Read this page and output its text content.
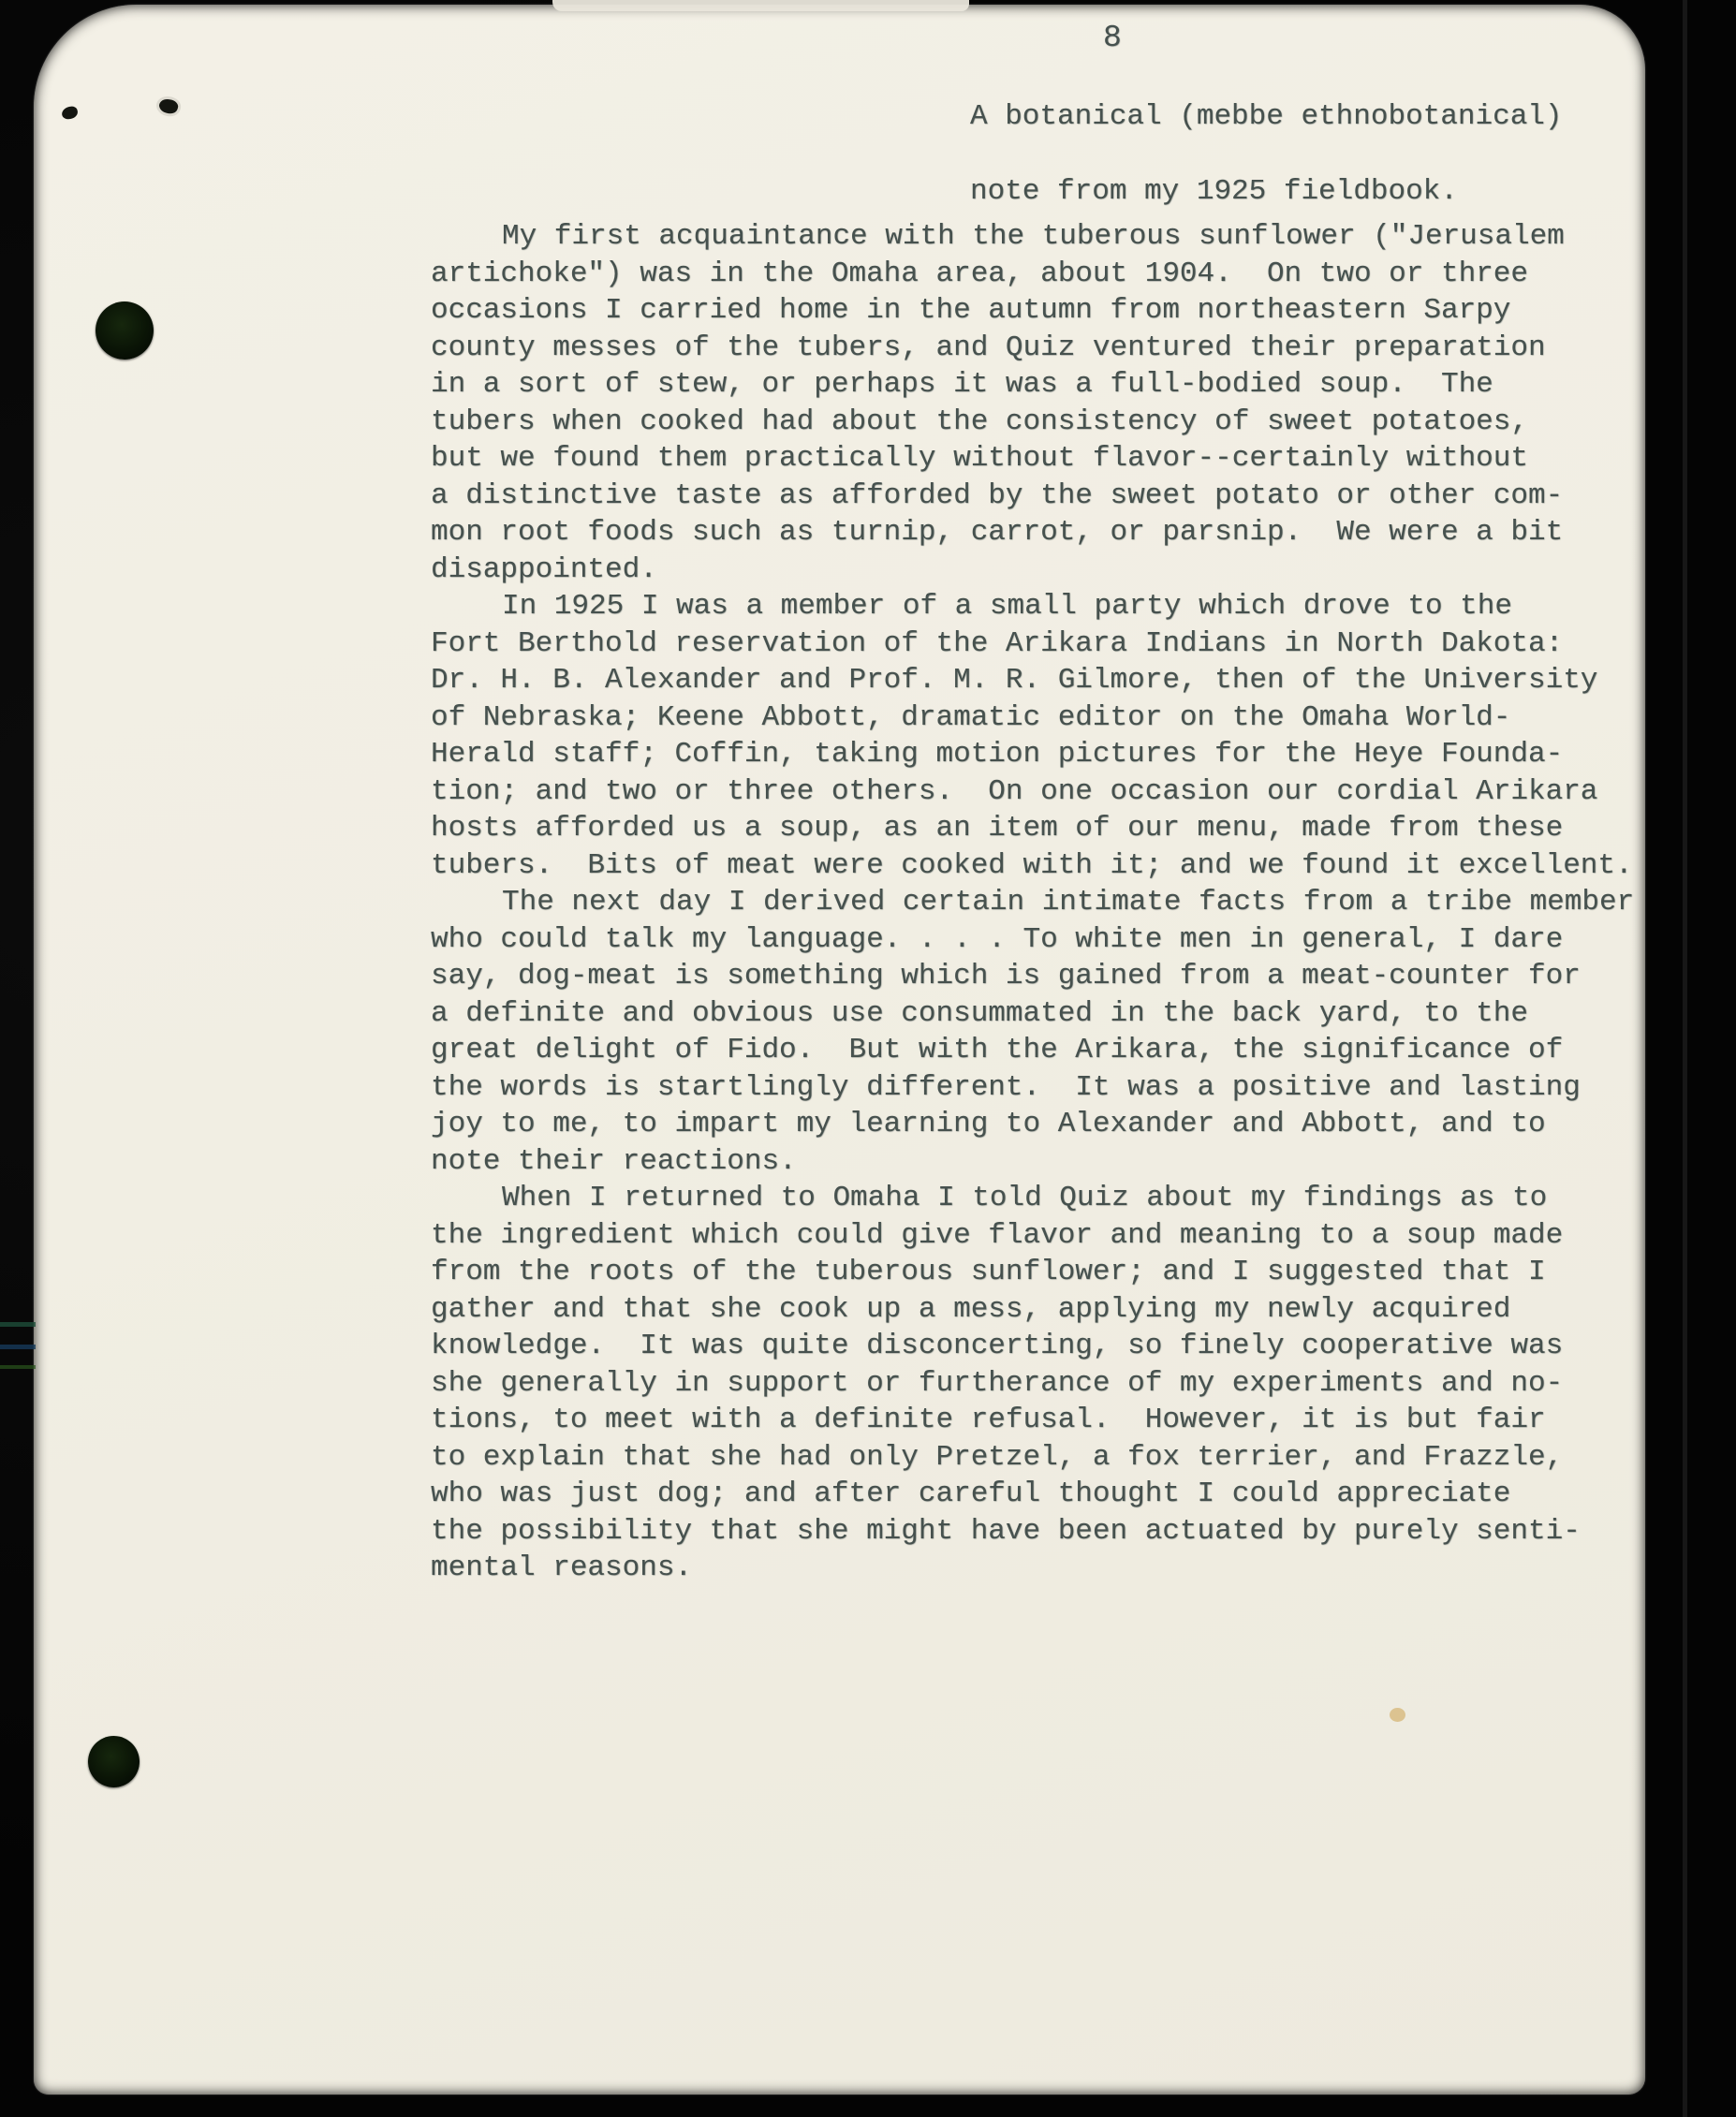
8
A botanical (mebbe ethnobotanical)

note from my 1925 fieldbook.
My first acquaintance with the tuberous sunflower ("Jerusalem
artichoke") was in the Omaha area, about 1904.  On two or three
occasions I carried home in the autumn from northeastern Sarpy
county messes of the tubers, and Quiz ventured their preparation
in a sort of stew, or perhaps it was a full-bodied soup.  The
tubers when cooked had about the consistency of sweet potatoes,
but we found them practically without flavor--certainly without
a distinctive taste as afforded by the sweet potato or other com-
mon root foods such as turnip, carrot, or parsnip.  We were a bit
disappointed.
In 1925 I was a member of a small party which drove to the
Fort Berthold reservation of the Arikara Indians in North Dakota:
Dr. H. B. Alexander and Prof. M. R. Gilmore, then of the University
of Nebraska; Keene Abbott, dramatic editor on the Omaha World-
Herald staff; Coffin, taking motion pictures for the Heye Founda-
tion; and two or three others.  On one occasion our cordial Arikara
hosts afforded us a soup, as an item of our menu, made from these
tubers.  Bits of meat were cooked with it; and we found it excellent.
The next day I derived certain intimate facts from a tribe member
who could talk my language. . . . To white men in general, I dare
say, dog-meat is something which is gained from a meat-counter for
a definite and obvious use consummated in the back yard, to the
great delight of Fido.  But with the Arikara, the significance of
the words is startlingly different.  It was a positive and lasting
joy to me, to impart my learning to Alexander and Abbott, and to
note their reactions.
When I returned to Omaha I told Quiz about my findings as to
the ingredient which could give flavor and meaning to a soup made
from the roots of the tuberous sunflower; and I suggested that I
gather and that she cook up a mess, applying my newly acquired
knowledge.  It was quite disconcerting, so finely cooperative was
she generally in support or furtherance of my experiments and no-
tions, to meet with a definite refusal.  However, it is but fair
to explain that she had only Pretzel, a fox terrier, and Frazzle,
who was just dog; and after careful thought I could appreciate
the possibility that she might have been actuated by purely senti-
mental reasons.
